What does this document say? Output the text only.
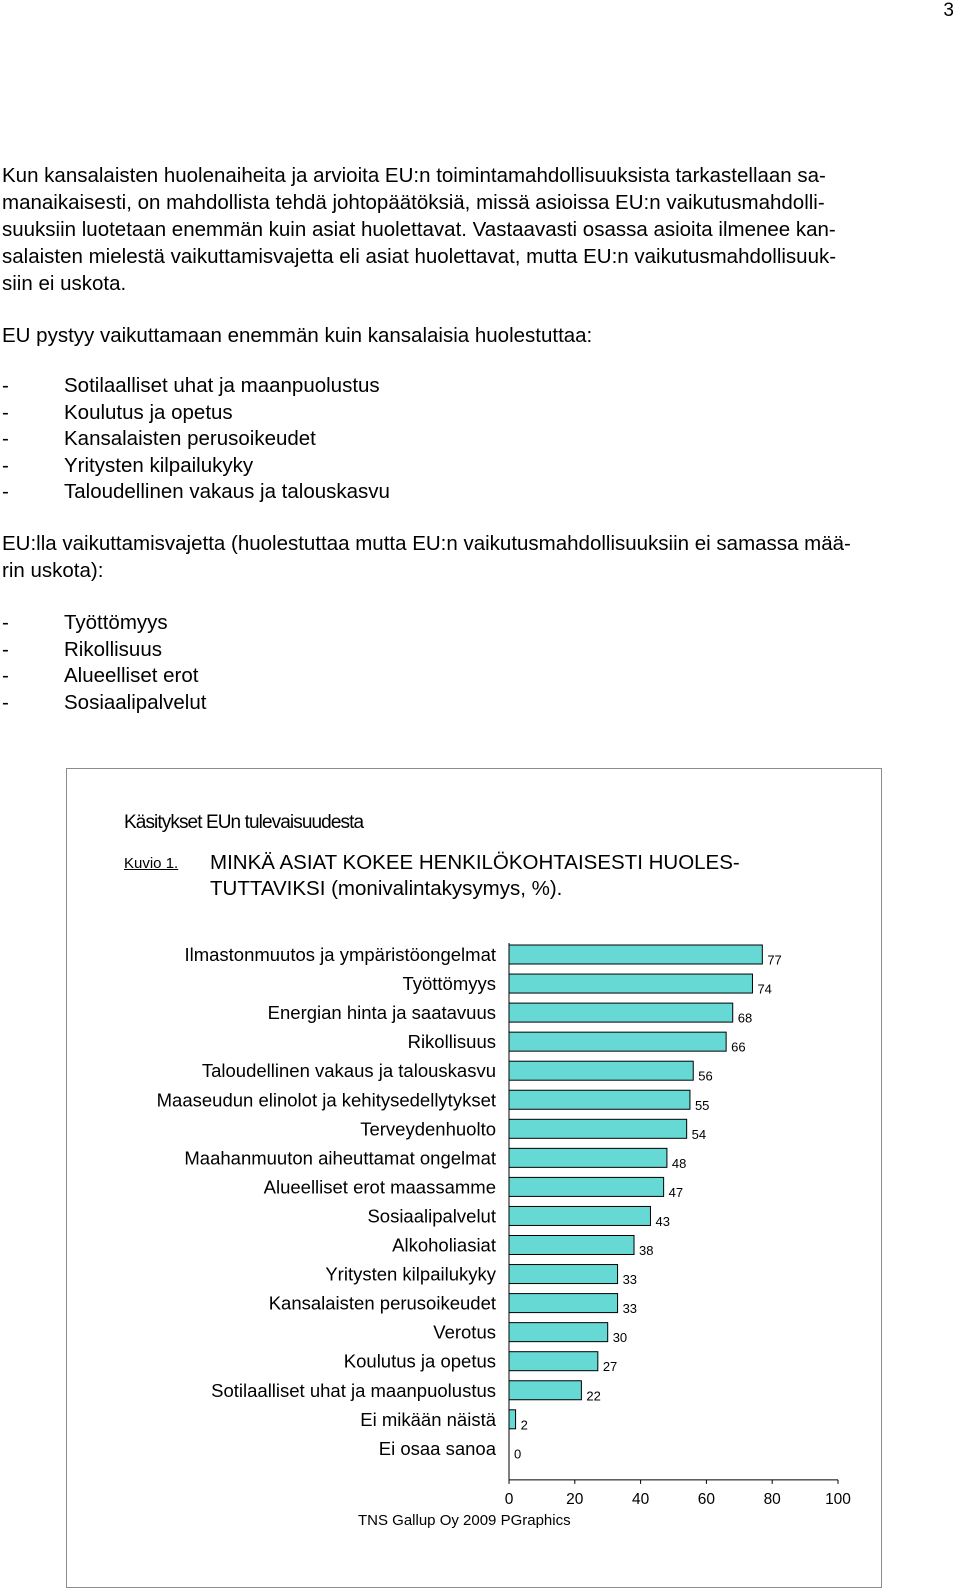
3
Kun kansalaisten huolenaiheita ja arvioita EU:n toimintamahdollisuuksista tarkastellaan sa-
manaikaisesti, on mahdollista tehdä johtopäätöksiä, missä asioissa EU:n vaikutusmahdolli-
suuksiin luotetaan enemmän kuin asiat huolettavat. Vastaavasti osassa asioita ilmenee kan-
salaisten mielestä vaikuttamisvajetta eli asiat huolettavat, mutta EU:n vaikutusmahdollisuuk-
siin ei uskota.
EU pystyy vaikuttamaan enemmän kuin kansalaisia huolestuttaa:
-	Sotilaalliset uhat ja maanpuolustus
-	Koulutus ja opetus
-	Kansalaisten perusoikeudet
-	Yritysten kilpailukyky
-	Taloudellinen vakaus ja talouskasvu
EU:lla vaikuttamisvajetta (huolestuttaa mutta EU:n vaikutusmahdollisuuksiin ei samassa mää-
rin uskota):
-	Työttömyys
-	Rikollisuus
-	Alueelliset erot
-	Sosiaalipalvelut
Käsitykset EUn tulevaisuudesta
Kuvio 1. MINKÄ ASIAT KOKEE HENKILÖKOHTAISESTI HUOLES-
TUTTAVIKSI (monivalintakysymys, %).
Ilmastonmuutos ja ympäristöongelmat	77
Työttömyys	74
Energian hinta ja saatavuus	68
Rikollisuus	66
Taloudellinen vakaus ja talouskasvu	56
Maaseudun elinolot ja kehitysedellytykset	55
Terveydenhuolto	54
Maahanmuuton aiheuttamat ongelmat	48
Alueelliset erot maassamme	47
Sosiaalipalvelut	43
Alkoholiasiat	38
Yritysten kilpailukyky	33
Kansalaisten perusoikeudet	33
Verotus	30
Koulutus ja opetus	27
Sotilaalliset uhat ja maanpuolustus	22
Ei mikään näistä 2
Ei osaa sanoa 0
0	20	40	60	80	100
TNS Gallup Oy 2009 PGraphics
